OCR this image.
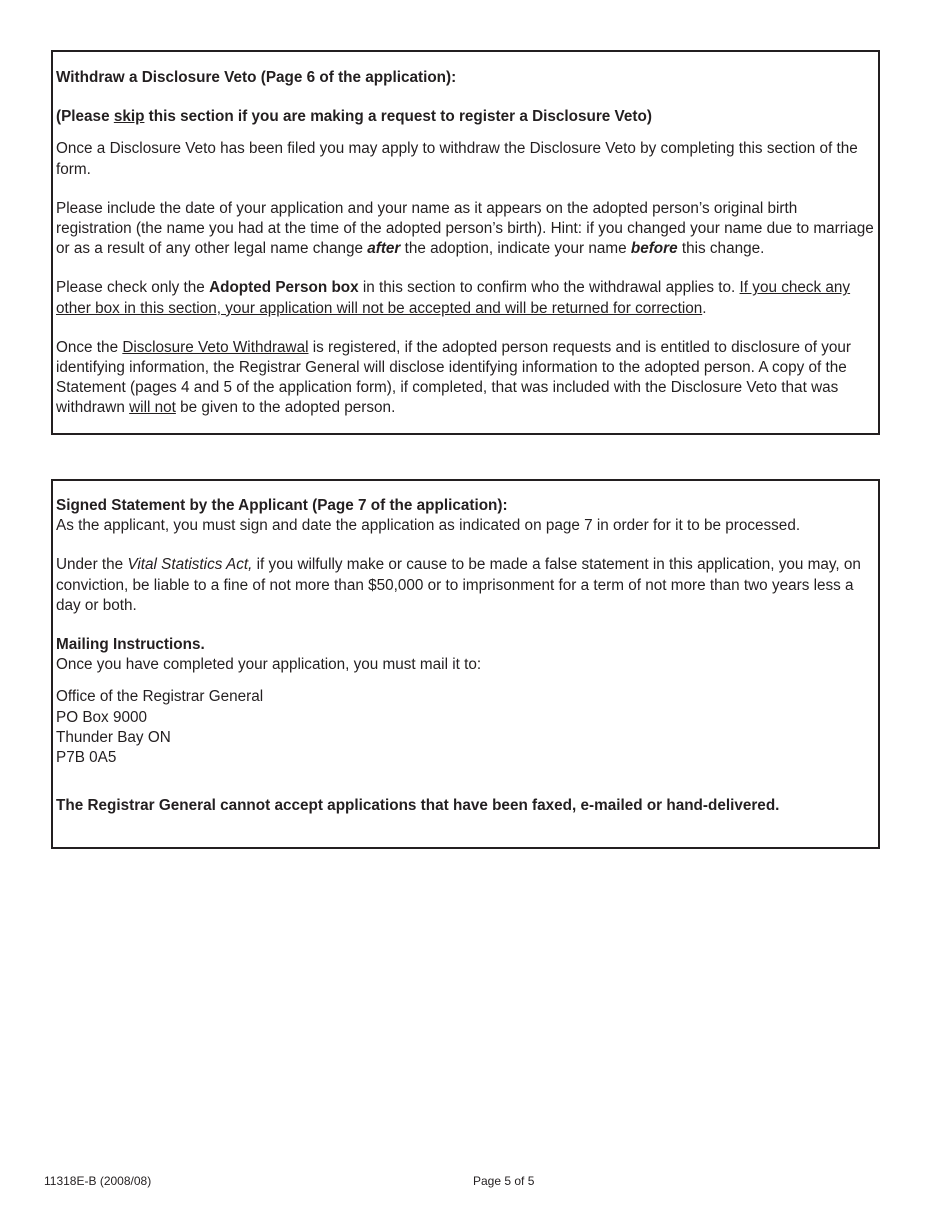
Withdraw a Disclosure Veto (Page 6 of the application):

(Please skip this section if you are making a request to register a Disclosure Veto)

Once a Disclosure Veto has been filed you may apply to withdraw the Disclosure Veto by completing this section of the form.

Please include the date of your application and your name as it appears on the adopted person’s original birth registration (the name you had at the time of the adopted person’s birth). Hint: if you changed your name due to marriage or as a result of any other legal name change after the adoption, indicate your name before this change.

Please check only the Adopted Person box in this section to confirm who the withdrawal applies to. If you check any other box in this section, your application will not be accepted and will be returned for correction.

Once the Disclosure Veto Withdrawal is registered, if the adopted person requests and is entitled to disclosure of your identifying information, the Registrar General will disclose identifying information to the adopted person. A copy of the Statement (pages 4 and 5 of the application form), if completed, that was included with the Disclosure Veto that was withdrawn will not be given to the adopted person.

Signed Statement by the Applicant (Page 7 of the application):

As the applicant, you must sign and date the application as indicated on page 7 in order for it to be processed.

Under the Vital Statistics Act, if you wilfully make or cause to be made a false statement in this application, you may, on conviction, be liable to a fine of not more than $50,000 or to imprisonment for a term of not more than two years less a day or both.

Mailing Instructions.

Once you have completed your application, you must mail it to:

Office of the Registrar General

PO Box 9000

Thunder Bay ON

P7B 0A5

The Registrar General cannot accept applications that have been faxed, e-mailed or hand-delivered.

11318E-B (2008/08)	Page 5 of 5
